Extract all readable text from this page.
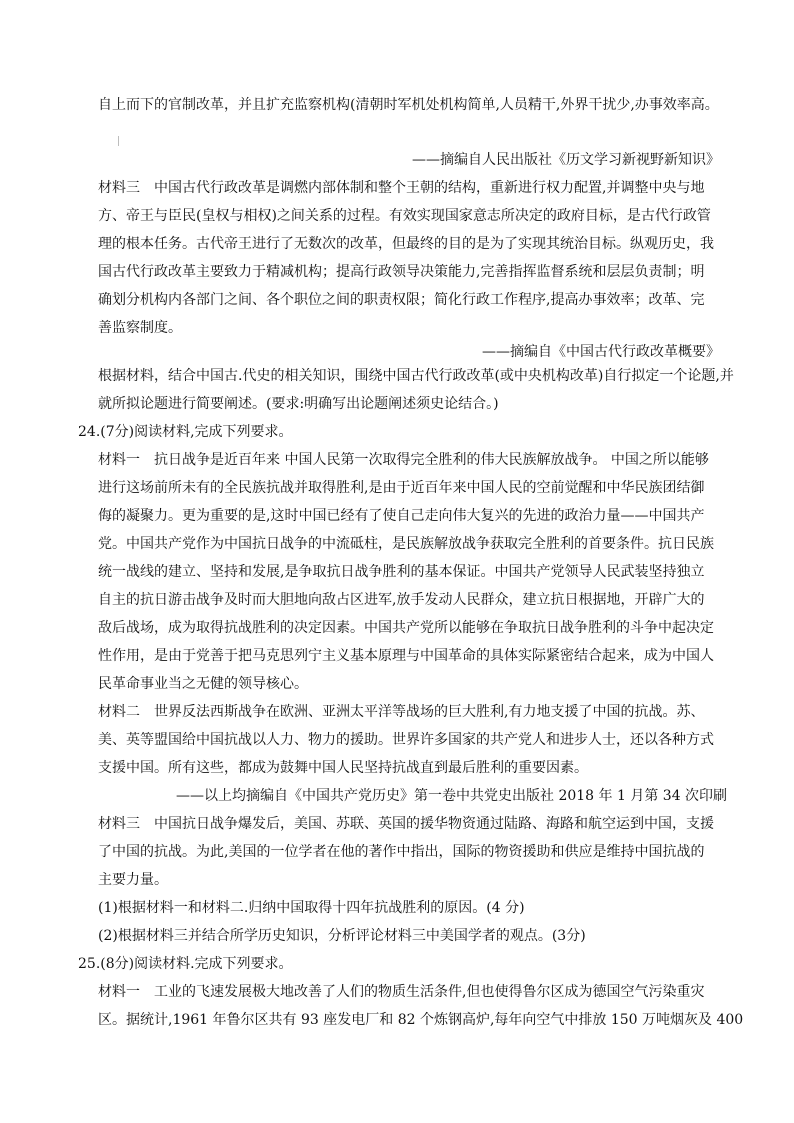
自上而下的官制改革，并且扩充监察机构(清朝时军机处机构简单,人员精干,外界干扰少,办事效率高。
——摘编自人民出版社《历文学习新视野新知识》
材料三　中国古代行政改革是调燃内部体制和整个王朝的结构，重新进行权力配置,并调整中央与地
方、帝王与臣民(皇权与相权)之间关系的过程。有效实现国家意志所决定的政府目标，是古代行政管
理的根本任务。古代帝王进行了无数次的改革，但最终的目的是为了实现其统治目标。纵观历史，我
国古代行政改革主要致力于精减机构；提高行政领导决策能力,完善指挥监督系统和层层负责制；明
确划分机构内各部门之间、各个职位之间的职责权限；简化行政工作程序,提高办事效率；改革、完
善监察制度。
——摘编自《中国古代行政改革概要》
根据材料，结合中国古.代史的相关知识，围绕中国古代行政改革(或中央机构改革)自行拟定一个论题,并
就所拟论题进行简要阐述。(要求:明确写出论题阐述须史论结合。)
24.(7分)阅读材料,完成下列要求。
材料一　抗日战争是近百年来 中国人民第一次取得完全胜利的伟大民族解放战争。 中国之所以能够
进行这场前所未有的全民族抗战并取得胜利,是由于近百年来中国人民的空前觉醒和中华民族团结御
侮的凝聚力。更为重要的是,这时中国已经有了使自己走向伟大复兴的先进的政治力量——中国共产
党。中国共产党作为中国抗日战争的中流砥柱，是民族解放战争获取完全胜利的首要条件。抗日民族
统一战线的建立、坚持和发展,是争取抗日战争胜利的基本保证。中国共产党领导人民武装坚持独立
自主的抗日游击战争及时而大胆地向敌占区进军,放手发动人民群众，建立抗日根据地，开辟广大的
敌后战场，成为取得抗战胜利的决定因素。中国共产党所以能够在争取抗日战争胜利的斗争中起决定
性作用，是由于党善于把马克思列宁主义基本原理与中国革命的具体实际紧密结合起来，成为中国人
民革命事业当之无健的领导核心。
材料二　世界反法西斯战争在欧洲、亚洲太平洋等战场的巨大胜利,有力地支援了中国的抗战。苏、
美、英等盟国给中国抗战以人力、物力的援助。世界许多国家的共产党人和进步人士，还以各种方式
支援中国。所有这些，都成为鼓舞中国人民坚持抗战直到最后胜利的重要因素。
——以上均摘编自《中国共产党历史》第一卷中共党史出版社 2018 年 1 月第 34 次印刷
材料三　中国抗日战争爆发后，美国、苏联、英国的援华物资通过陆路、海路和航空运到中国，支援
了中国的抗战。为此,美国的一位学者在他的著作中指出，国际的物资援助和供应是维持中国抗战的
主要力量。
(1)根据材料一和材料二.归纳中国取得十四年抗战胜利的原因。(4 分)
(2)根据材料三并结合所学历史知识，分析评论材料三中美国学者的观点。(3分)
25.(8分)阅读材料.完成下列要求。
材料一　工业的飞速发展极大地改善了人们的物质生活条件,但也使得鲁尔区成为德国空气污染重灾
区。据统计,1961 年鲁尔区共有 93 座发电厂和 82 个炼钢高炉,每年向空气中排放 150 万吨烟灰及 400
